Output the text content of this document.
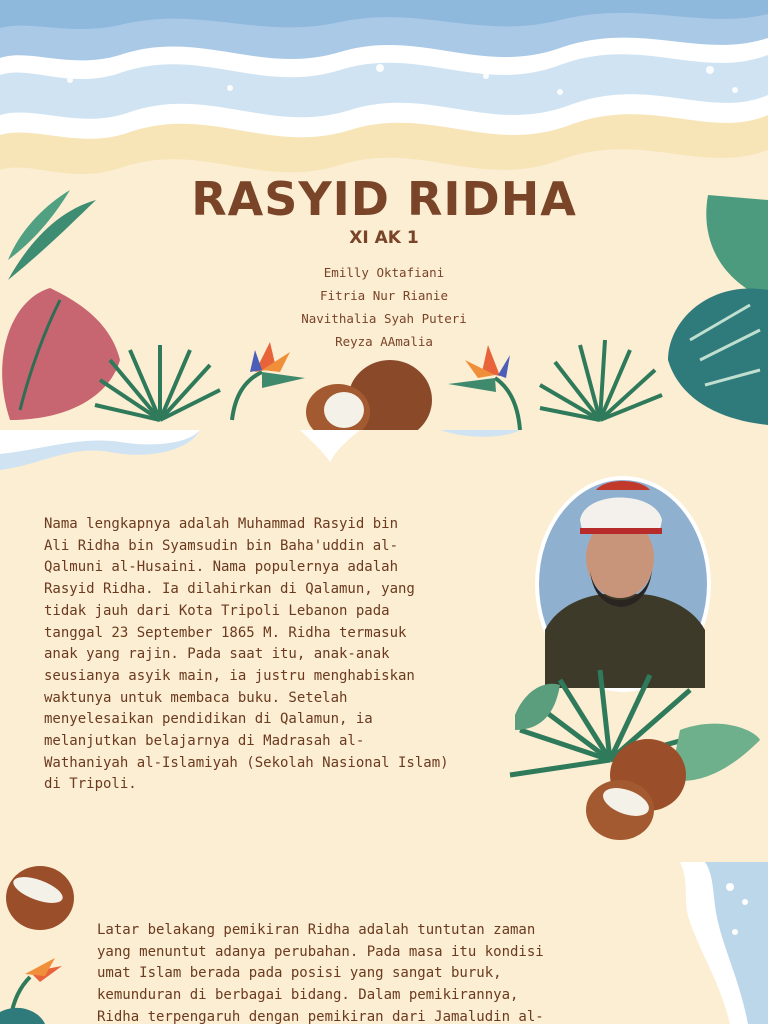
RASYID RIDHA
XI AK 1
Emilly Oktafiani
Fitria Nur Rianie
Navithalia Syah Puteri
Reyza AAmalia
Nama lengkapnya adalah Muhammad Rasyid bin
Ali Ridha bin Syamsudin bin Baha'uddin al-
Qalmuni al-Husaini. Nama populernya adalah
Rasyid Ridha. Ia dilahirkan di Qalamun, yang
tidak jauh dari Kota Tripoli Lebanon pada
tanggal 23 September 1865 M. Ridha termasuk
anak yang rajin. Pada saat itu, anak-anak
seusianya asyik main, ia justru menghabiskan
waktunya untuk membaca buku. Setelah
menyelesaikan pendidikan di Qalamun, ia
melanjutkan belajarnya di Madrasah al-
Wathaniyah al-Islamiyah (Sekolah Nasional Islam)
di Tripoli.
Latar belakang pemikiran Ridha adalah tuntutan zaman
yang menuntut adanya perubahan. Pada masa itu kondisi
umat Islam berada pada posisi yang sangat buruk,
kemunduran di berbagai bidang. Dalam pemikirannya,
Ridha terpengaruh dengan pemikiran dari Jamaludin al-
